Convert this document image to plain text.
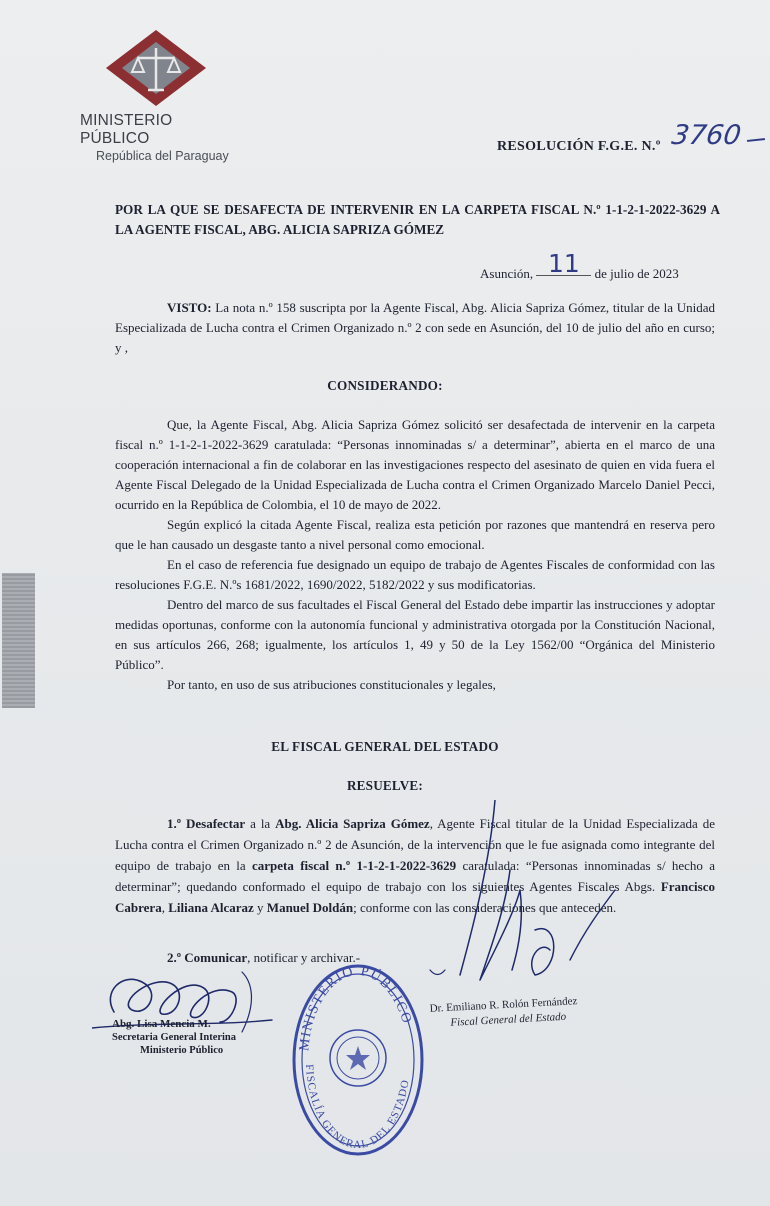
MINISTERIO PÚBLICO
República del Paraguay
RESOLUCIÓN F.G.E. N.º 3760
POR LA QUE SE DESAFECTA DE INTERVENIR EN LA CARPETA FISCAL N.º 1-1-2-1-2022-3629 A LA AGENTE FISCAL, ABG. ALICIA SAPRIZA GÓMEZ
Asunción, 11 de julio de 2023

VISTO: La nota n.º 158 suscripta por la Agente Fiscal, Abg. Alicia Sapriza Gómez, titular de la Unidad Especializada de Lucha contra el Crimen Organizado n.º 2 con sede en Asunción, del 10 de julio del año en curso; y ,

CONSIDERANDO:

Que, la Agente Fiscal, Abg. Alicia Sapriza Gómez solicitó ser desafectada de intervenir en la carpeta fiscal n.º 1-1-2-1-2022-3629 caratulada: “Personas innominadas s/ a determinar”, abierta en el marco de una cooperación internacional a fin de colaborar en las investigaciones respecto del asesinato de quien en vida fuera el Agente Fiscal Delegado de la Unidad Especializada de Lucha contra el Crimen Organizado Marcelo Daniel Pecci, ocurrido en la República de Colombia, el 10 de mayo de 2022.

Según explicó la citada Agente Fiscal, realiza esta petición por razones que mantendrá en reserva pero que le han causado un desgaste tanto a nivel personal como emocional.

En el caso de referencia fue designado un equipo de trabajo de Agentes Fiscales de conformidad con las resoluciones F.G.E. N.ºs 1681/2022, 1690/2022, 5182/2022 y sus modificatorias.

Dentro del marco de sus facultades el Fiscal General del Estado debe impartir las instrucciones y adoptar medidas oportunas, conforme con la autonomía funcional y administrativa otorgada por la Constitución Nacional, en sus artículos 266, 268; igualmente, los artículos 1, 49 y 50 de la Ley 1562/00 “Orgánica del Ministerio Público”.

Por tanto, en uso de sus atribuciones constitucionales y legales,

EL FISCAL GENERAL DEL ESTADO
RESUELVE:

1.º Desafectar a la Abg. Alicia Sapriza Gómez, Agente Fiscal titular de la Unidad Especializada de Lucha contra el Crimen Organizado n.º 2 de Asunción, de la intervención que le fue asignada como integrante del equipo de trabajo en la carpeta fiscal n.º 1-1-2-1-2022-3629 caratulada: “Personas innominadas s/ hecho a determinar”; quedando conformado el equipo de trabajo con los siguientes Agentes Fiscales Abgs. Francisco Cabrera, Liliana Alcaraz y Manuel Doldán; conforme con las consideraciones que anteceden.

2.º Comunicar, notificar y archivar.-
Abg. Lisa Mencia M.
Secretaria General Interina
Ministerio Público	MINISTERIO PÚBLICO
FISCALÍA GENERAL DEL ESTADO
Dr. Emiliano R. Rolón Fernández
Fiscal General del Estado
